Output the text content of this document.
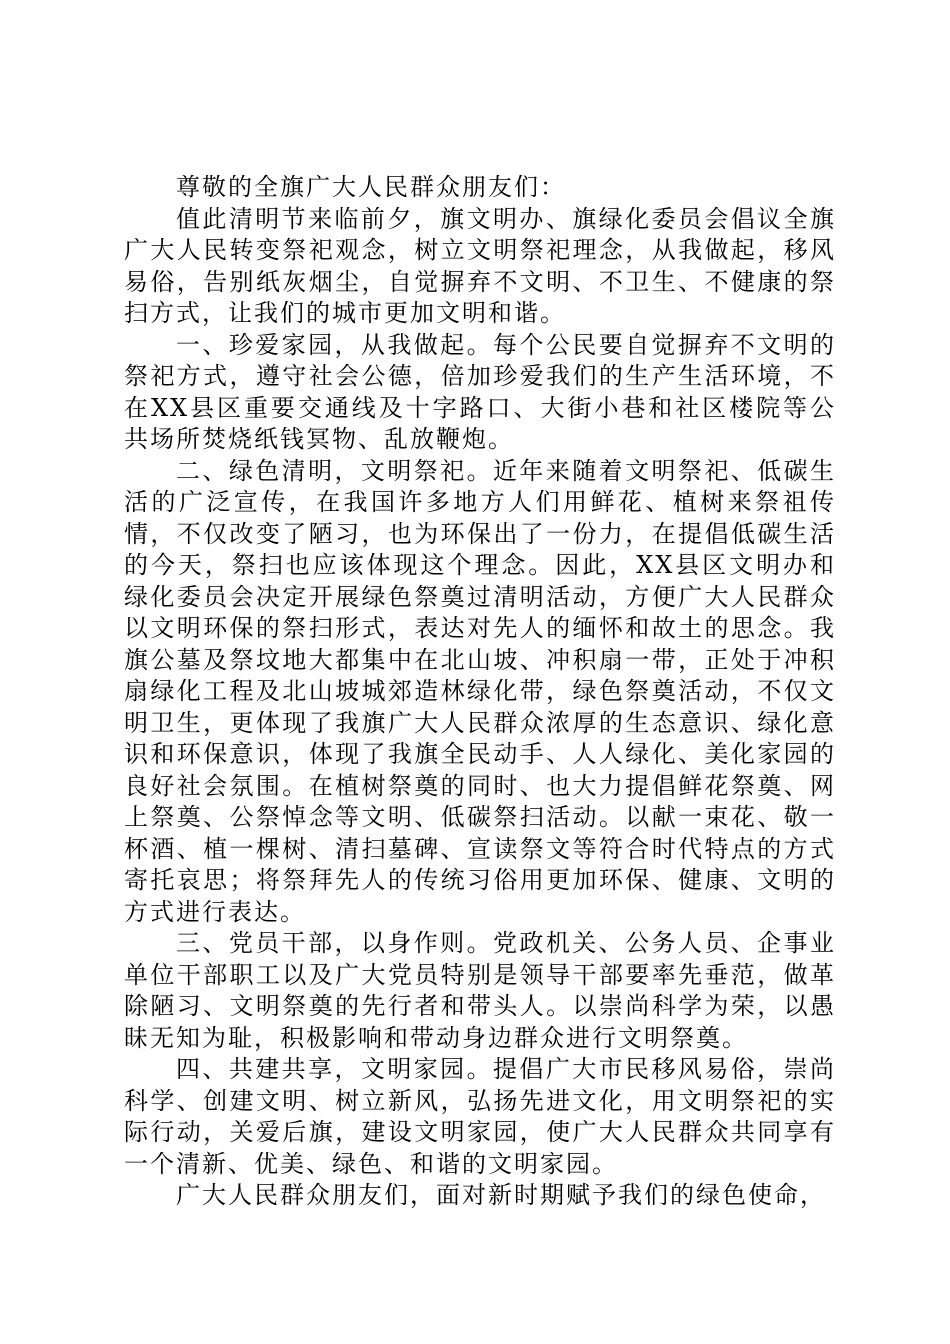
尊敬的全旗广大人民群众朋友们：

值此清明节来临前夕，旗文明办、旗绿化委员会倡议全旗广大人民转变祭祀观念，树立文明祭祀理念，从我做起，移风易俗，告别纸灰烟尘，自觉摒弃不文明、不卫生、不健康的祭扫方式，让我们的城市更加文明和谐。

一、珍爱家园，从我做起。每个公民要自觉摒弃不文明的祭祀方式，遵守社会公德，倍加珍爱我们的生产生活环境，不在XX县区重要交通线及十字路口、大街小巷和社区楼院等公共场所焚烧纸钱冥物、乱放鞭炮。

二、绿色清明，文明祭祀。近年来随着文明祭祀、低碳生活的广泛宣传，在我国许多地方人们用鲜花、植树来祭祖传情，不仅改变了陋习，也为环保出了一份力，在提倡低碳生活的今天，祭扫也应该体现这个理念。因此，XX县区文明办和绿化委员会决定开展绿色祭奠过清明活动，方便广大人民群众以文明环保的祭扫形式，表达对先人的缅怀和故土的思念。我旗公墓及祭坟地大都集中在北山坡、冲积扇一带，正处于冲积扇绿化工程及北山坡城郊造林绿化带，绿色祭奠活动，不仅文明卫生，更体现了我旗广大人民群众浓厚的生态意识、绿化意识和环保意识，体现了我旗全民动手、人人绿化、美化家园的良好社会氛围。在植树祭奠的同时、也大力提倡鲜花祭奠、网上祭奠、公祭悼念等文明、低碳祭扫活动。以献一束花、敬一杯酒、植一棵树、清扫墓碑、宣读祭文等符合时代特点的方式寄托哀思；将祭拜先人的传统习俗用更加环保、健康、文明的方式进行表达。

三、党员干部，以身作则。党政机关、公务人员、企事业单位干部职工以及广大党员特别是领导干部要率先垂范，做革除陋习、文明祭奠的先行者和带头人。以崇尚科学为荣，以愚昧无知为耻，积极影响和带动身边群众进行文明祭奠。

四、共建共享，文明家园。提倡广大市民移风易俗，崇尚科学、创建文明、树立新风，弘扬先进文化，用文明祭祀的实际行动，关爱后旗，建设文明家园，使广大人民群众共同享有一个清新、优美、绿色、和谐的文明家园。

广大人民群众朋友们，面对新时期赋予我们的绿色使命，
